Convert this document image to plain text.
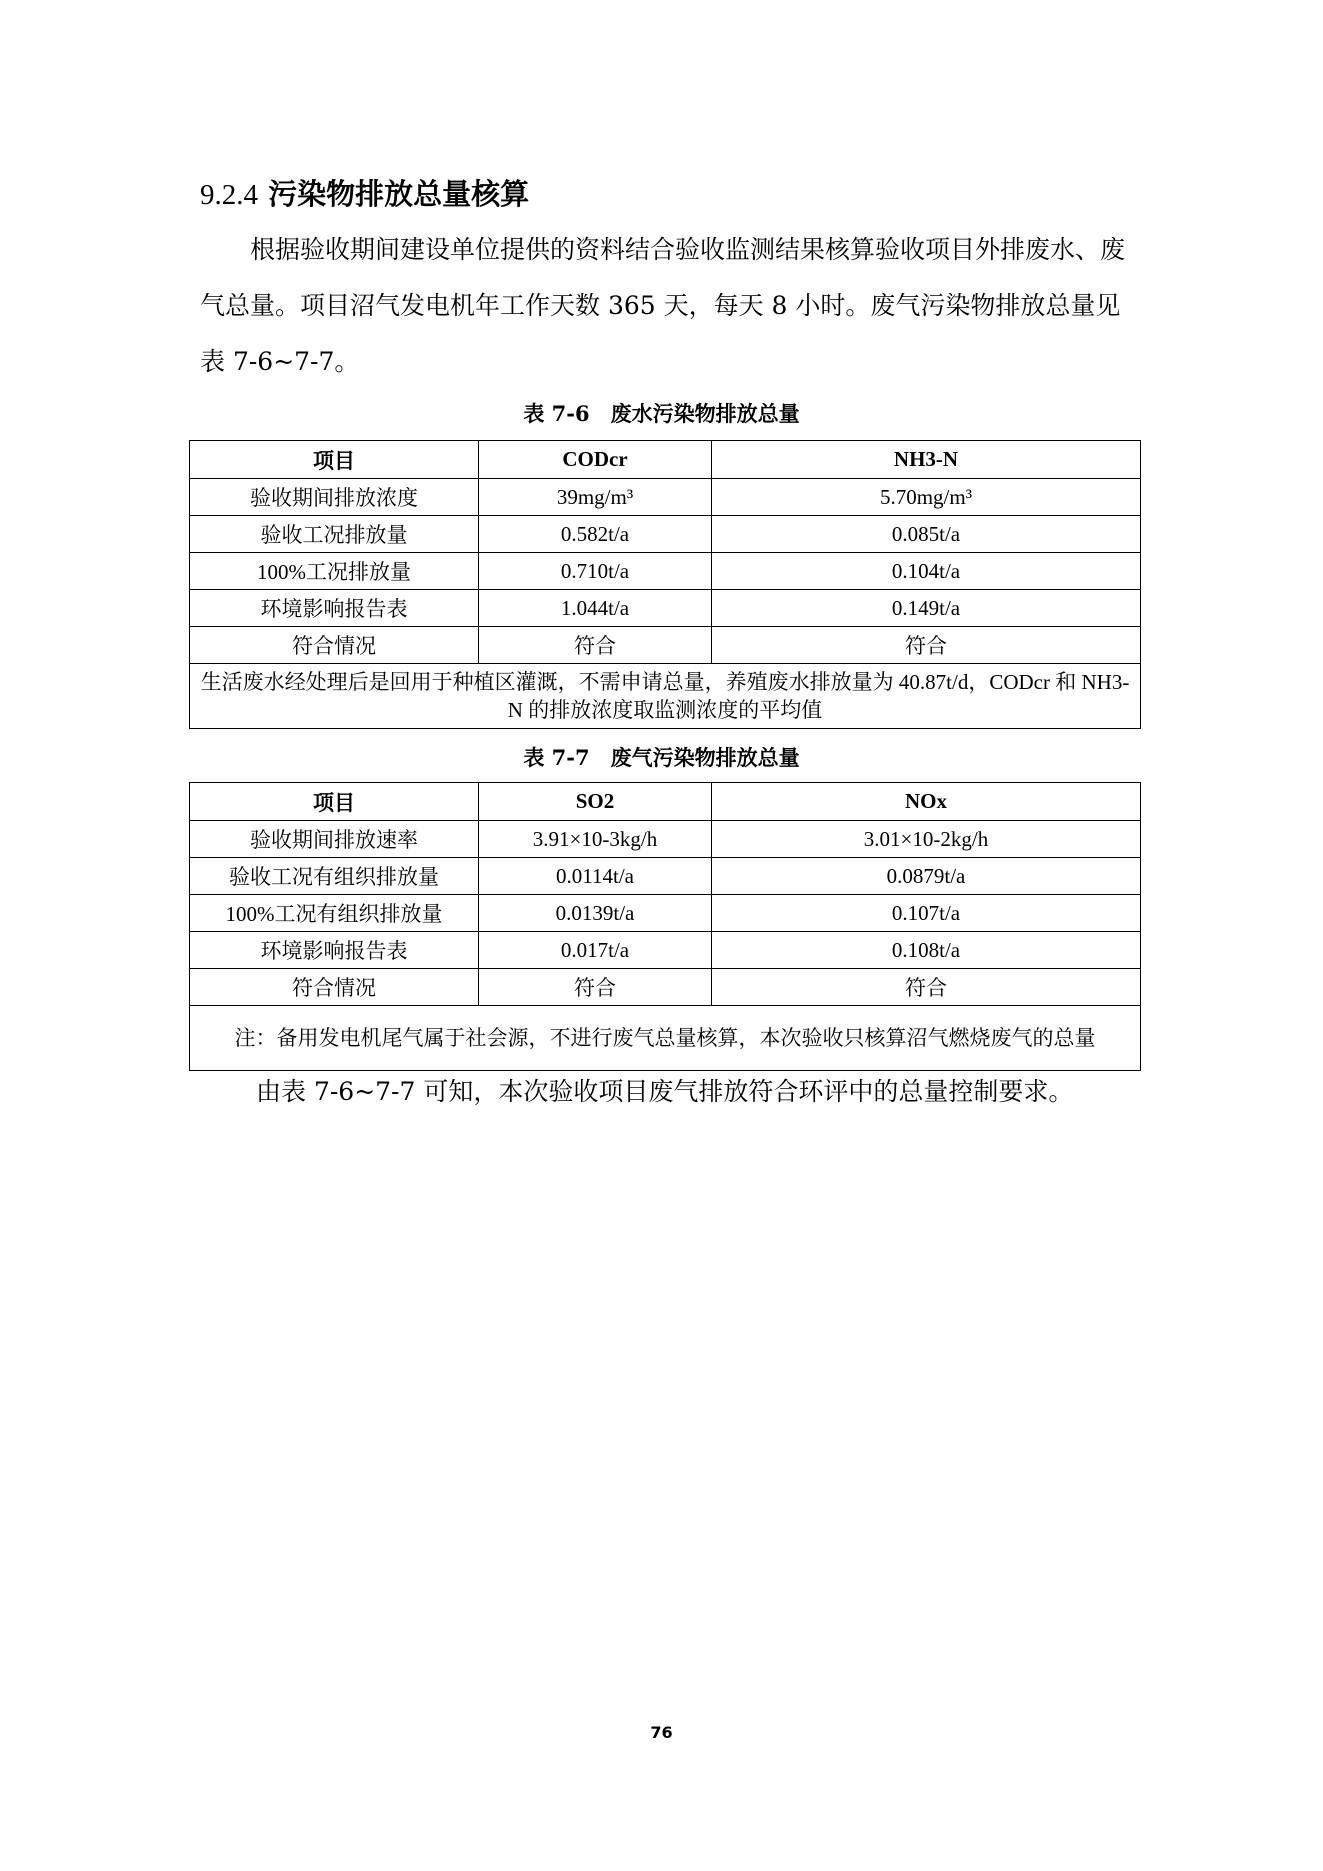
9.2.4 污染物排放总量核算

根据验收期间建设单位提供的资料结合验收监测结果核算验收项目外排废水、废气总量。项目沼气发电机年工作天数 365 天，每天 8 小时。废气污染物排放总量见表 7-6~7-7。

表 7-6　废水污染物排放总量
项目	CODcr	NH3-N
验收期间排放浓度	39mg/m³	5.70mg/m³
验收工况排放量	0.582t/a	0.085t/a
100%工况排放量	0.710t/a	0.104t/a
环境影响报告表	1.044t/a	0.149t/a
符合情况	符合	符合
生活废水经处理后是回用于种植区灌溉，不需申请总量，养殖废水排放量为 40.87t/d，CODcr 和 NH3-N 的排放浓度取监测浓度的平均值		
表 7-7　废气污染物排放总量
项目	SO2	NOx
验收期间排放速率	3.91×10-3kg/h	3.01×10-2kg/h
验收工况有组织排放量	0.0114t/a	0.0879t/a
100%工况有组织排放量	0.0139t/a	0.107t/a
环境影响报告表	0.017t/a	0.108t/a
符合情况	符合	符合
注：备用发电机尾气属于社会源，不进行废气总量核算，本次验收只核算沼气燃烧废气的总量		
由表 7-6~7-7 可知，本次验收项目废气排放符合环评中的总量控制要求。
76
